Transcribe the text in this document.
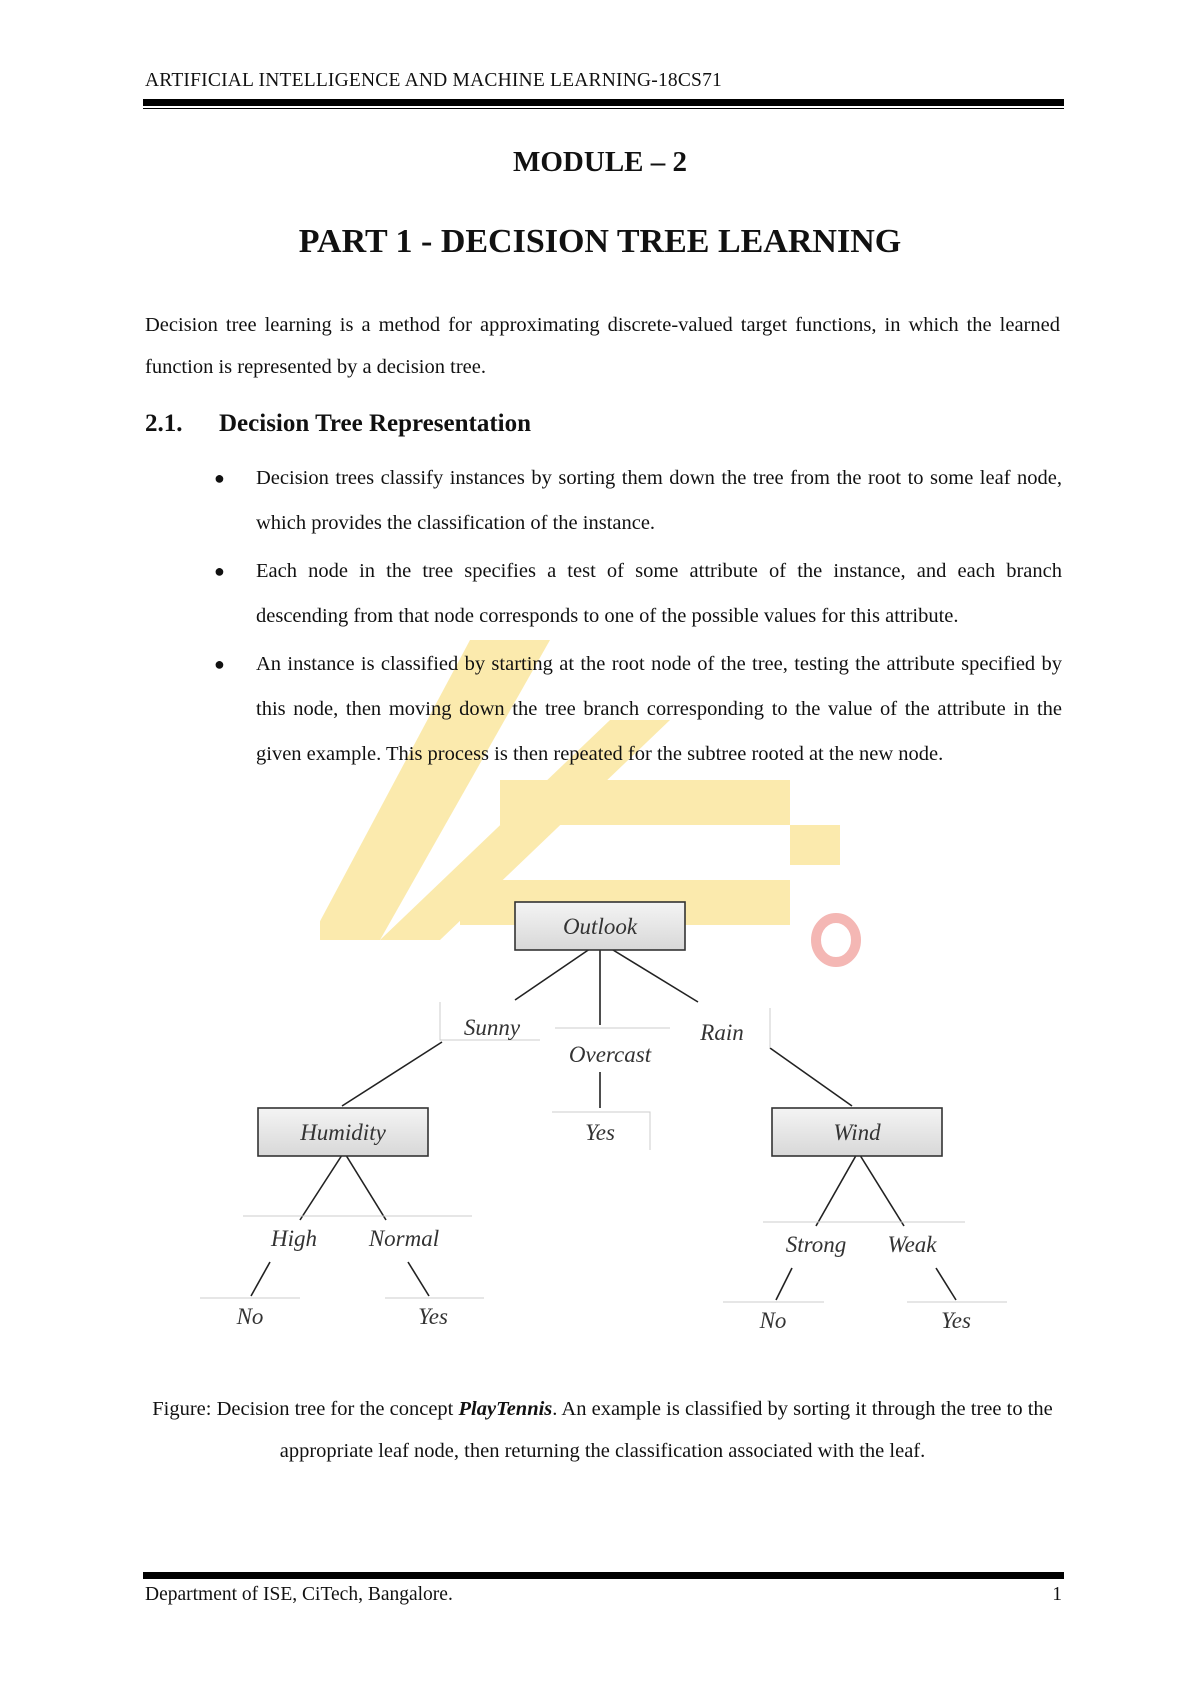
ARTIFICIAL INTELLIGENCE AND MACHINE LEARNING-18CS71
MODULE – 2
PART 1 - DECISION TREE LEARNING
Decision tree learning is a method for approximating discrete-valued target functions, in which the learned function is represented by a decision tree.
2.1. Decision Tree Representation
● Decision trees classify instances by sorting them down the tree from the root to some leaf node, which provides the classification of the instance.
● Each node in the tree specifies a test of some attribute of the instance, and each branch descending from that node corresponds to one of the possible values for this attribute.
● An instance is classified by starting at the root node of the tree, testing the attribute specified by this node, then moving down the tree branch corresponding to the value of the attribute in the given example. This process is then repeated for the subtree rooted at the new node.
Outlook
Sunny
Overcast
Rain
Humidity	Yes	Wind
High Normal	Strong Weak
No	Yes	No	Yes
Figure: Decision tree for the concept PlayTennis. An example is classified by sorting it through the tree to the appropriate leaf node, then returning the classification associated with the leaf.
Department of ISE, CiTech, Bangalore.	1
